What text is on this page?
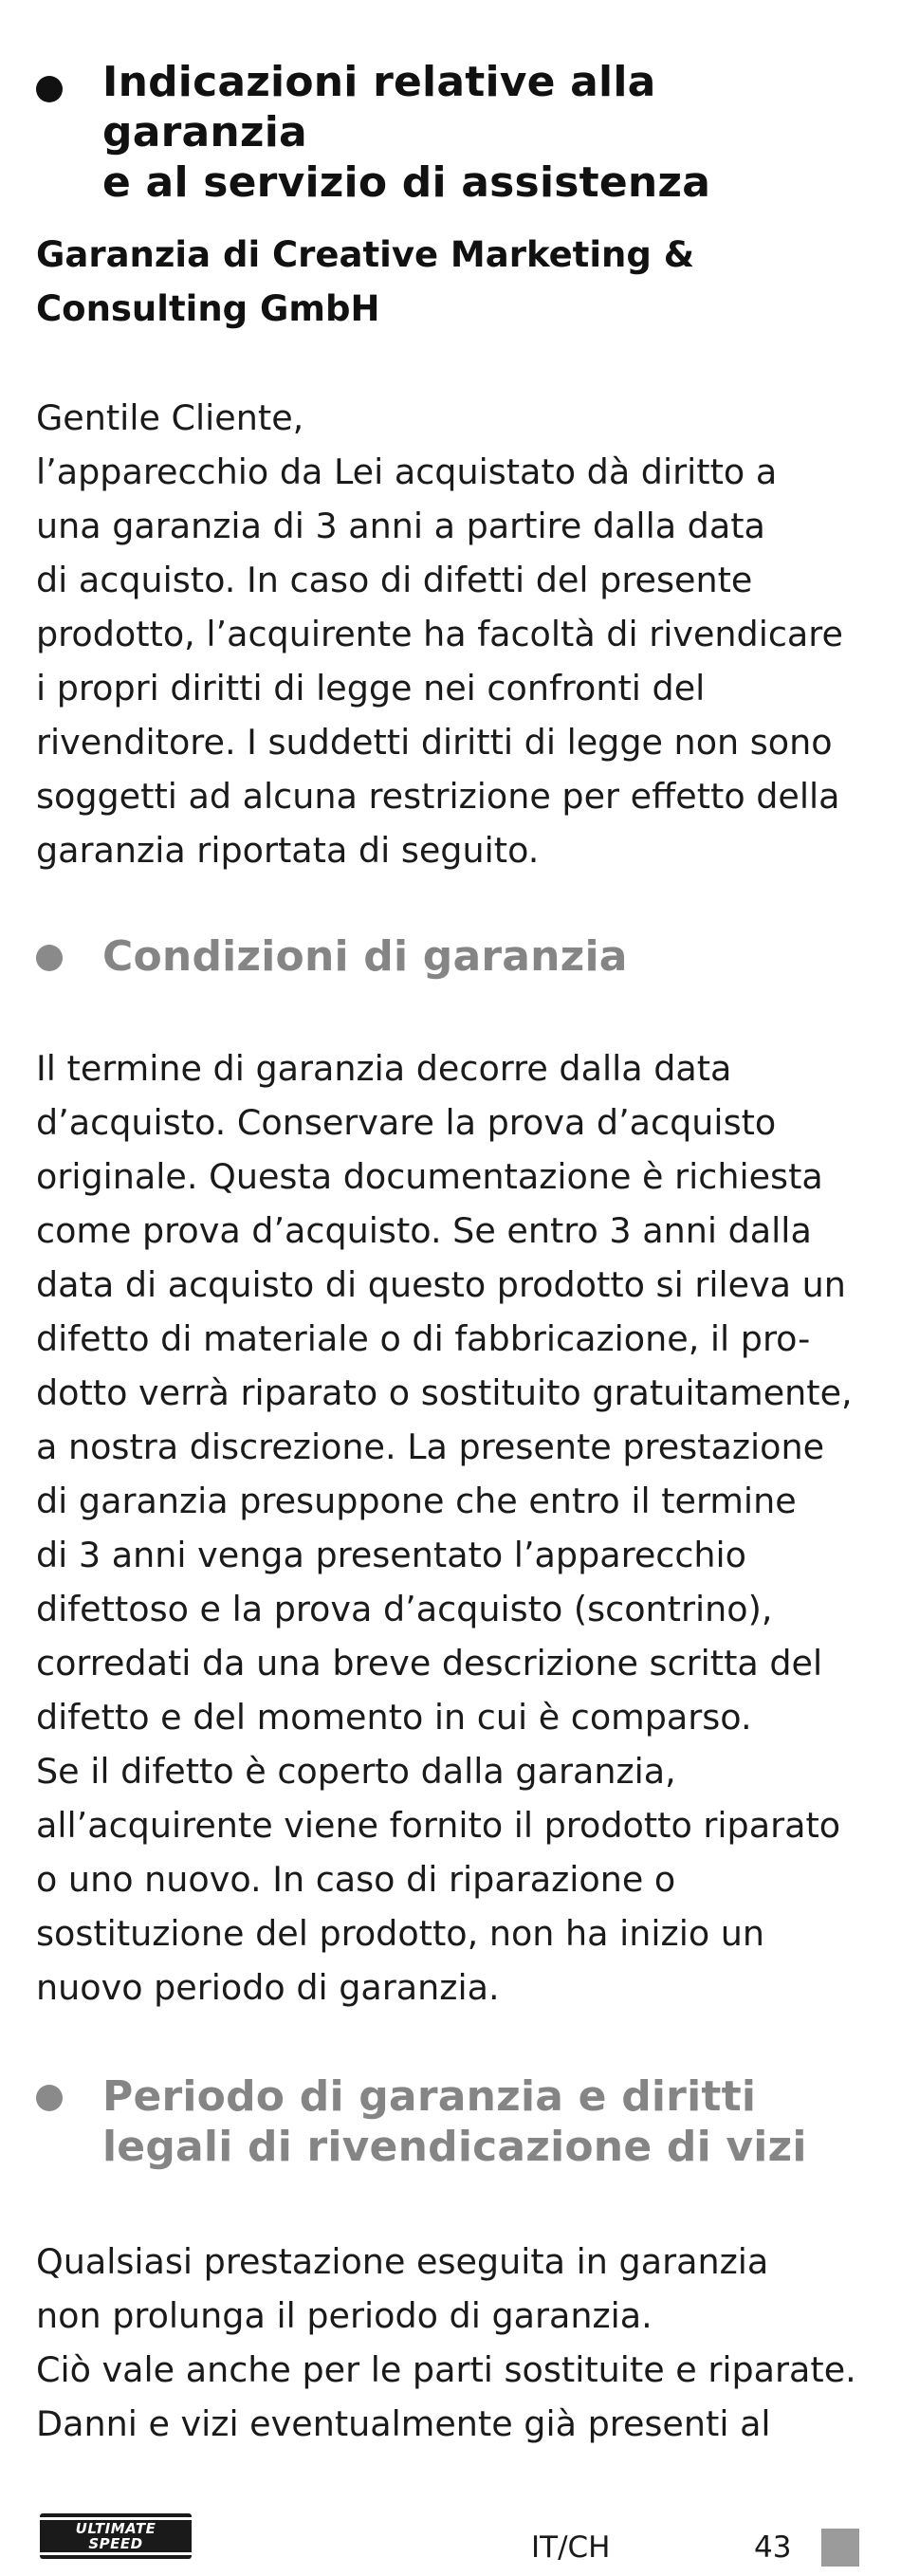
Indicazioni relative alla garanzia
e al servizio di assistenza
Garanzia di Creative Marketing &
Consulting GmbH
Gentile Cliente,
l’apparecchio da Lei acquistato dà diritto a
una garanzia di 3 anni a partire dalla data
di acquisto. In caso di difetti del presente
prodotto, l’acquirente ha facoltà di rivendicare
i propri diritti di legge nei confronti del
rivenditore. I suddetti diritti di legge non sono
soggetti ad alcuna restrizione per effetto della
garanzia riportata di seguito.
Condizioni di garanzia
Il termine di garanzia decorre dalla data
d’acquisto. Conservare la prova d’acquisto
originale. Questa documentazione è richiesta
come prova d’acquisto. Se entro 3 anni dalla
data di acquisto di questo prodotto si rileva un
difetto di materiale o di fabbricazione, il pro-
dotto verrà riparato o sostituito gratuitamente,
a nostra discrezione. La presente prestazione
di garanzia presuppone che entro il termine
di 3 anni venga presentato l’apparecchio
difettoso e la prova d’acquisto (scontrino),
corredati da una breve descrizione scritta del
difetto e del momento in cui è comparso.
Se il difetto è coperto dalla garanzia,
all’acquirente viene fornito il prodotto riparato
o uno nuovo. In caso di riparazione o
sostituzione del prodotto, non ha inizio un
nuovo periodo di garanzia.
Periodo di garanzia e diritti
legali di rivendicazione di vizi
Qualsiasi prestazione eseguita in garanzia
non prolunga il periodo di garanzia.
Ciò vale anche per le parti sostituite e riparate.
Danni e vizi eventualmente già presenti al
ULTIMATE
SPEED	IT/CH	43
